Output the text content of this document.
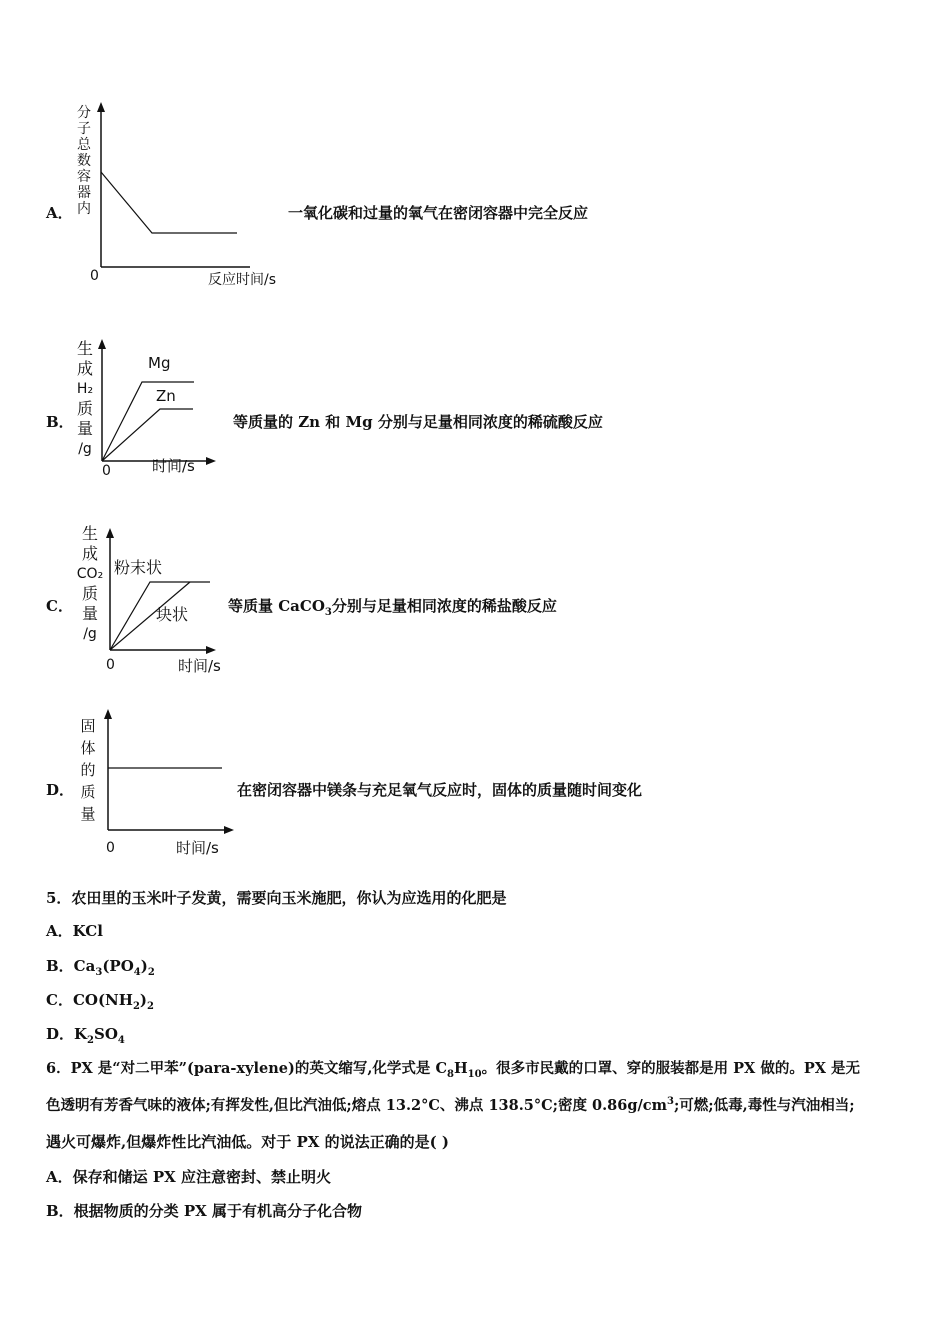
A．
分子总数容器内
0	反应时间/s
一氧化碳和过量的氧气在密闭容器中完全反应
B．
生成
H₂
质量
/g
Mg
Zn
0	时间/s
等质量的 Zn 和 Mg 分别与足量相同浓度的稀硫酸反应
C．
生成
CO₂
质量
/g
粉末状
块状
0	时间/s
等质量 CaCO$_3$分别与足量相同浓度的稀盐酸反应
D．
固体的质量
0	时间/s
在密闭容器中镁条与充足氧气反应时，固体的质量随时间变化
5．农田里的玉米叶子发黄，需要向玉米施肥，你认为应选用的化肥是
A．KCl
B．$Ca_3(PO_4)_2$
C．$CO(NH_2)_2$
D．$K_2SO_4$
6．PX 是“对二甲苯”(para-xylene)的英文缩写,化学式是 $C_8H_{10}$。很多市民戴的口罩、穿的服装都是用 PX 做的。PX 是无
色透明有芳香气味的液体;有挥发性,但比汽油低;熔点 13.2°C、沸点 138.5°C;密度 $0.86g/cm^3$;可燃;低毒,毒性与汽油相当;
遇火可爆炸,但爆炸性比汽油低。对于 PX 的说法正确的是( )
A．保存和储运 PX 应注意密封、禁止明火
B．根据物质的分类 PX 属于有机高分子化合物
